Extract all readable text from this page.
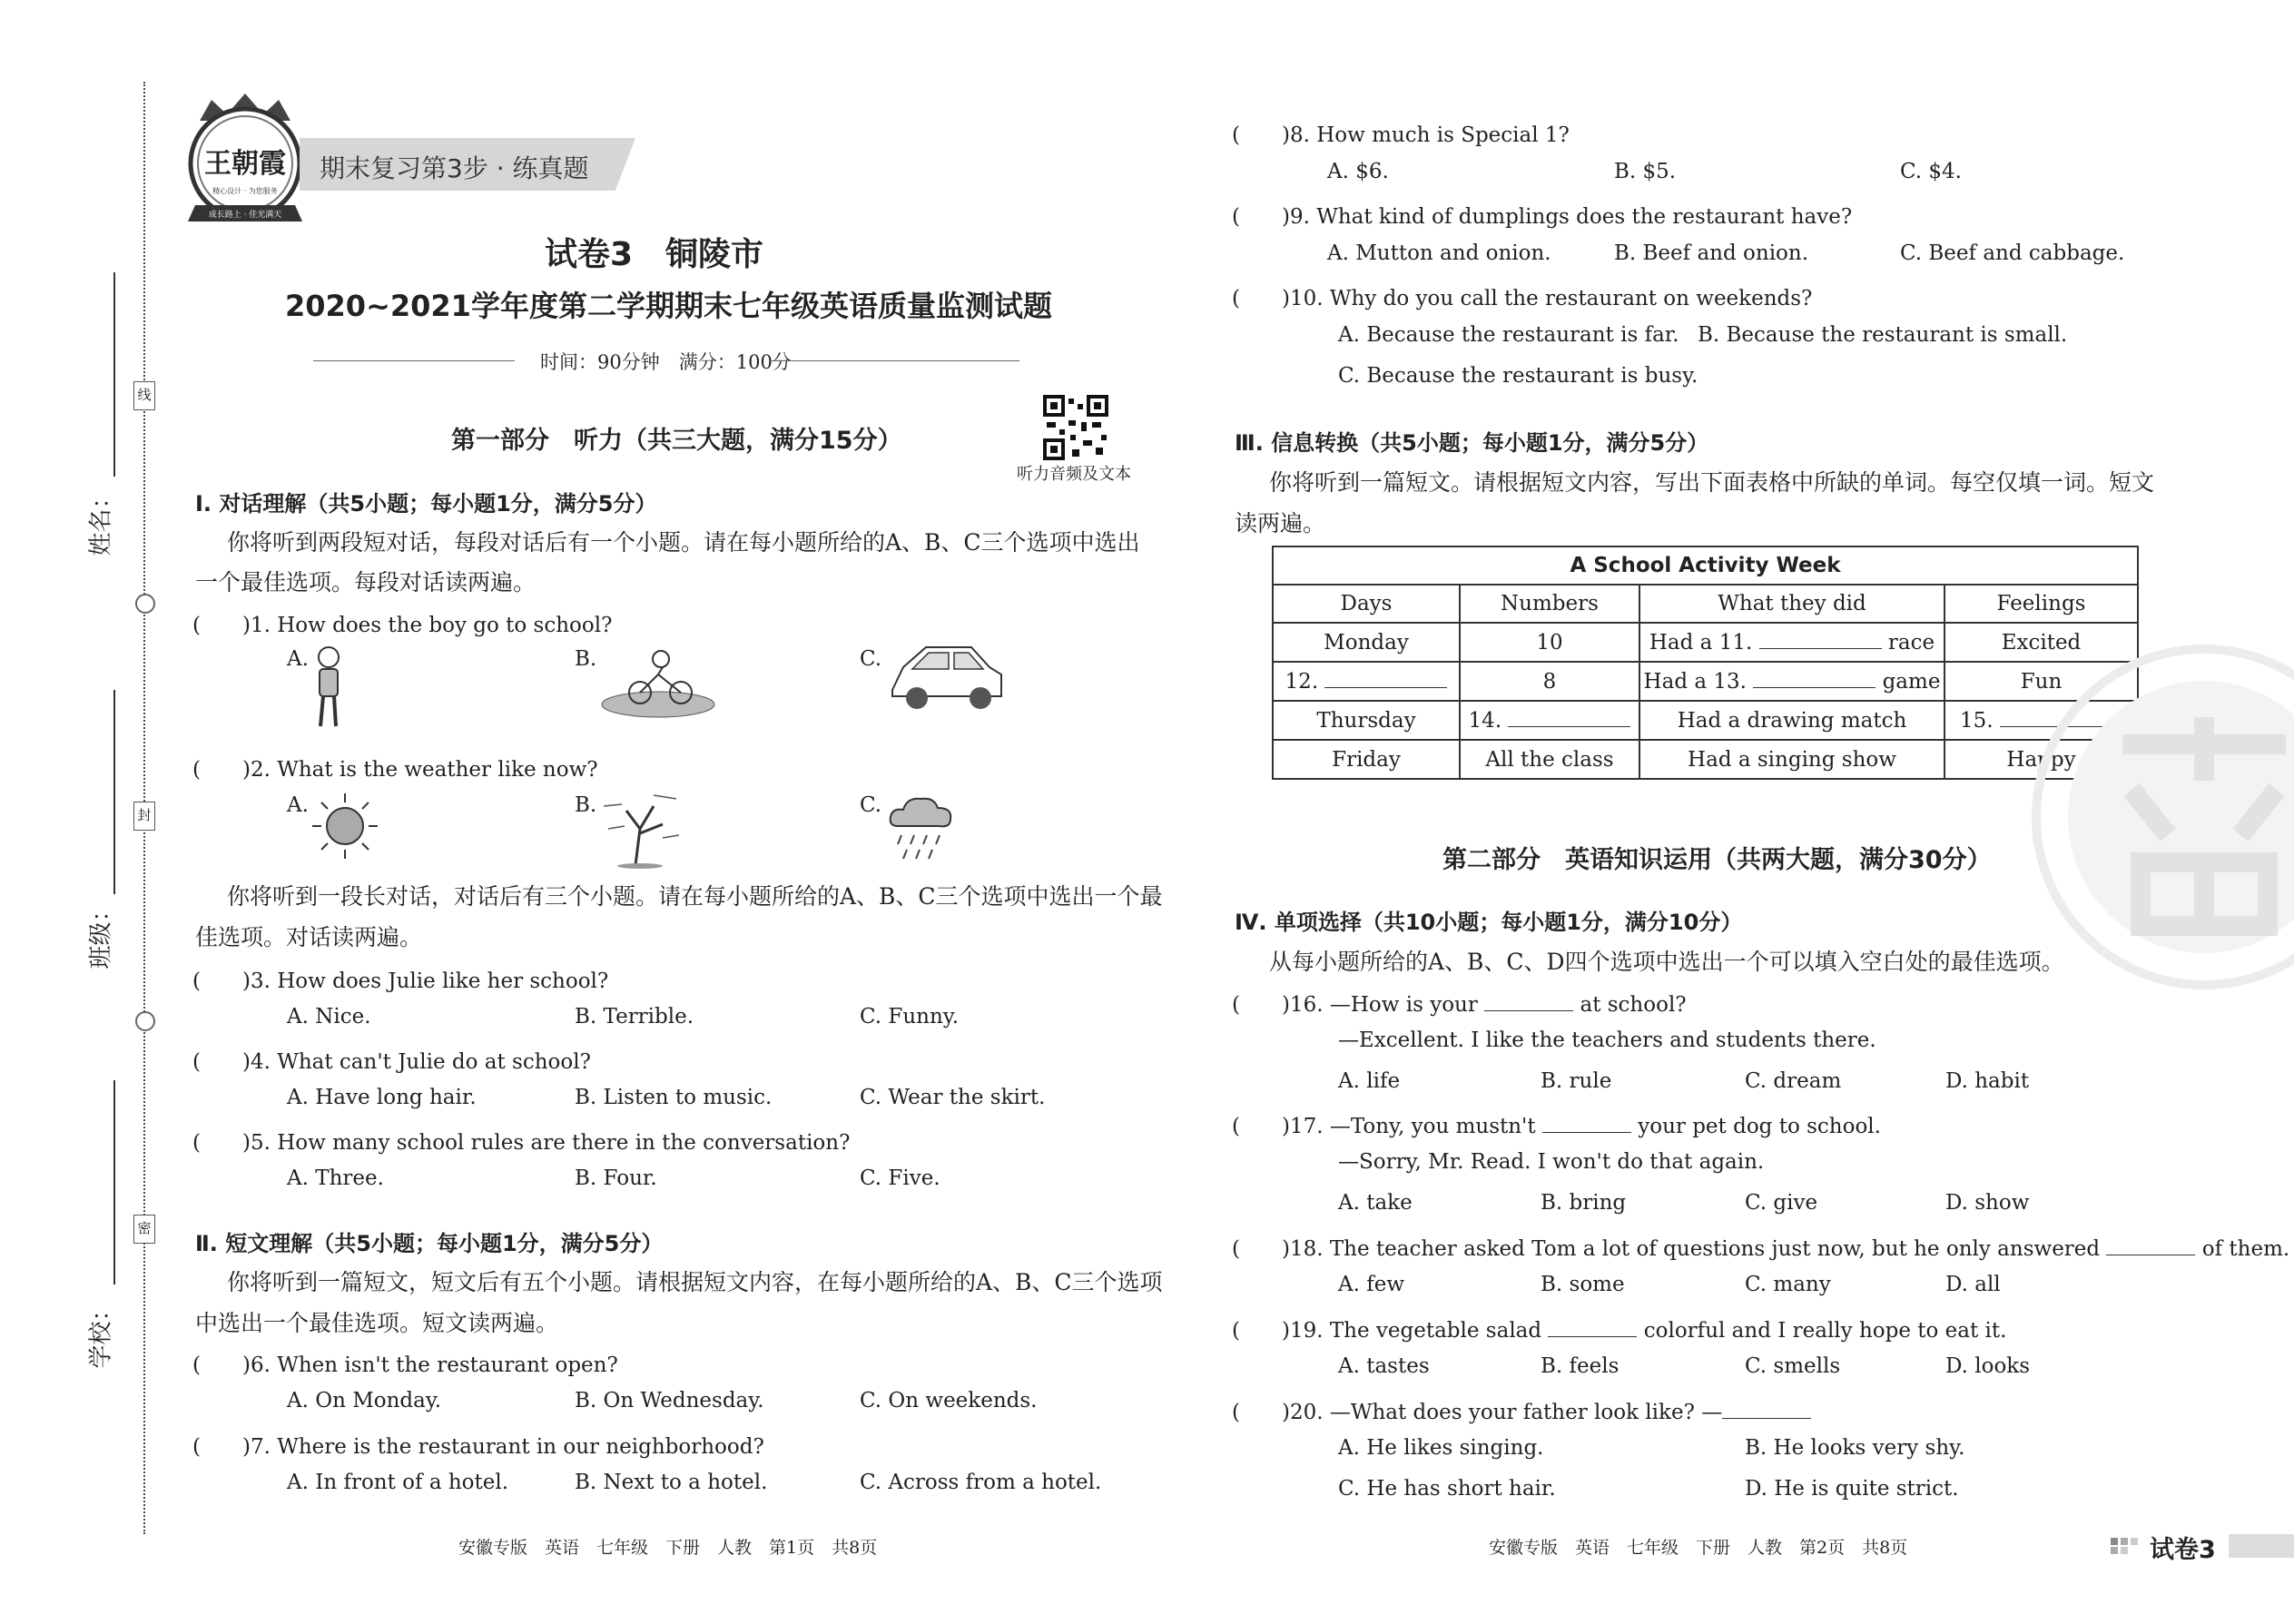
线
封
密
姓名：
班级：
学校：
王朝霞
精心设计 · 为您服务
成长路上 · 佳光满天
期末复习第3步 · 练真题
试卷3　铜陵市
2020~2021学年度第二学期期末七年级英语质量监测试题
时间：90分钟　满分：100分
听力音频及文本
第一部分　听力（共三大题，满分15分）
Ⅰ. 对话理解（共5小题；每小题1分，满分5分）
你将听到两段短对话，每段对话后有一个小题。请在每小题所给的A、B、C三个选项中选出
一个最佳选项。每段对话读两遍。
(　　)1. How does the boy go to school?
A.	B.	C.
(　　)2. What is the weather like now?
A.	B.	C.
你将听到一段长对话，对话后有三个小题。请在每小题所给的A、B、C三个选项中选出一个最
佳选项。对话读两遍。
(　　)3. How does Julie like her school?
A. Nice.	B. Terrible.	C. Funny.
(　　)4. What can't Julie do at school?
A. Have long hair.	B. Listen to music.	C. Wear the skirt.
(　　)5. How many school rules are there in the conversation?
A. Three.	B. Four.	C. Five.
Ⅱ. 短文理解（共5小题；每小题1分，满分5分）
你将听到一篇短文，短文后有五个小题。请根据短文内容，在每小题所给的A、B、C三个选项
中选出一个最佳选项。短文读两遍。
(　　)6. When isn't the restaurant open?
A. On Monday.	B. On Wednesday.	C. On weekends.
(　　)7. Where is the restaurant in our neighborhood?
A. In front of a hotel.	B. Next to a hotel.	C. Across from a hotel.
安徽专版　英语　七年级　下册　人教　第1页　共8页
(　　)8. How much is Special 1?
A. $6.	B. $5.	C. $4.
(　　)9. What kind of dumplings does the restaurant have?
A. Mutton and onion.	B. Beef and onion.	C. Beef and cabbage.
(　　)10. Why do you call the restaurant on weekends?
A. Because the restaurant is far. B. Because the restaurant is small.
C. Because the restaurant is busy.
Ⅲ. 信息转换（共5小题；每小题1分，满分5分）
你将听到一篇短文。请根据短文内容，写出下面表格中所缺的单词。每空仅填一词。短文
读两遍。
A School Activity Week			
Days	Numbers	What they did	Feelings
Monday	10	Had a 11. race	Excited
12.	8	Had a 13. game	Fun
Thursday	14.	Had a drawing match	15.
Friday	All the class	Had a singing show	Happy
第二部分　英语知识运用（共两大题，满分30分）
Ⅳ. 单项选择（共10小题；每小题1分，满分10分）
从每小题所给的A、B、C、D四个选项中选出一个可以填入空白处的最佳选项。
(　　)16. —How is your	at school?
—Excellent. I like the teachers and students there.
A. life	B. rule	C. dream	D. habit
(　　)17. —Tony, you mustn't	your pet dog to school.
—Sorry, Mr. Read. I won't do that again.
A. take	B. bring	C. give	D. show
(　　)18. The teacher asked Tom a lot of questions just now, but he only answered	of them.
A. few	B. some	C. many	D. all
(　　)19. The vegetable salad	colorful and I really hope to eat it.
A. tastes	B. feels	C. smells	D. looks
(　　)20. —What does your father look like? —
A. He likes singing.	B. He looks very shy.
C. He has short hair.	D. He is quite strict.
安徽专版　英语　七年级　下册　人教　第2页　共8页	试卷3
